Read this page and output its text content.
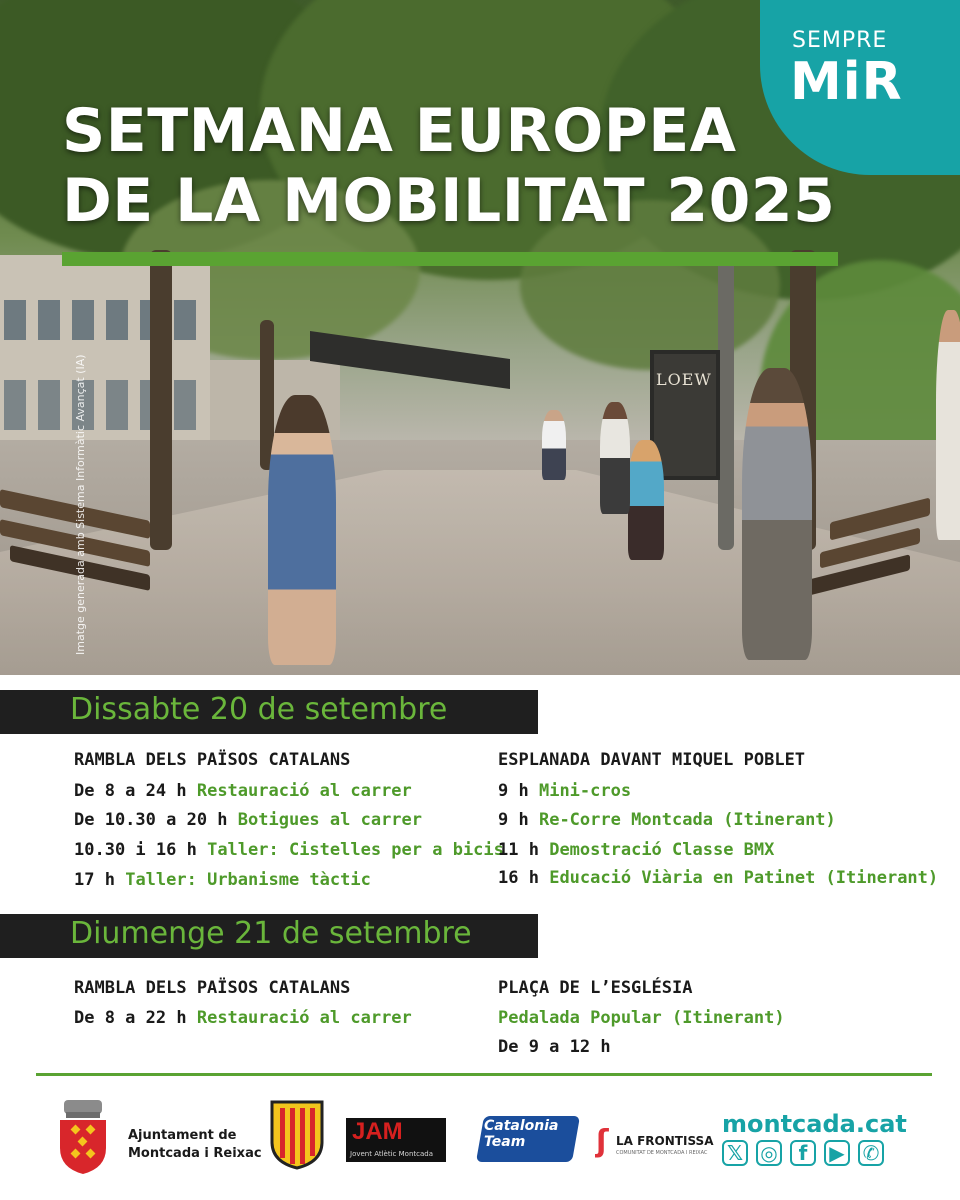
LOEW
Imatge generada amb Sistema Informàtic Avançat (IA)
SEMPRE
MiR
SETMANA EUROPEA
DE LA MOBILITAT 2025
Dissabte 20 de setembre
RAMBLA DELS PAÏSOS CATALANS
De 8 a 24 h Restauració al carrer
De 10.30 a 20 h Botigues al carrer
10.30 i 16 h Taller: Cistelles per a bicis
17 h Taller: Urbanisme tàctic
ESPLANADA DAVANT MIQUEL POBLET
9 h Mini-cros
9 h Re-Corre Montcada (Itinerant)
11 h Demostració Classe BMX
16 h Educació Viària en Patinet (Itinerant)
Diumenge 21 de setembre
RAMBLA DELS PAÏSOS CATALANS
De 8 a 22 h Restauració al carrer
PLAÇA DE L’ESGLÉSIA
Pedalada Popular (Itinerant)
De 9 a 12 h
Ajuntament de
Montcada i Reixac
JAM
Jovent Atlètic Montcada
Catalonia
Team	ʃ LA FRONTISSA
COMUNITAT DE MONTCADA I REIXAC
montcada.cat
𝕏 ◎	f	▶ ✆
